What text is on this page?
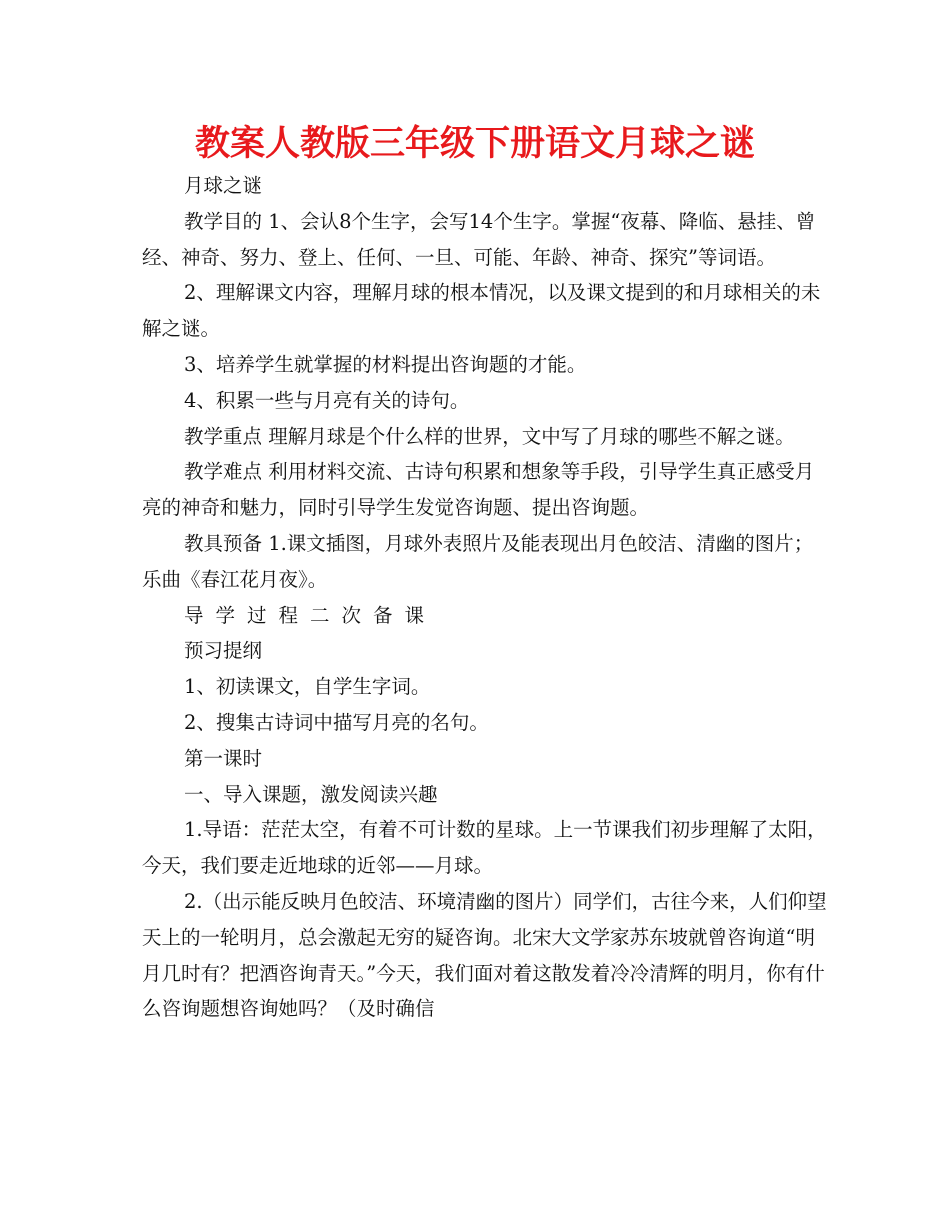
教案人教版三年级下册语文月球之谜

月球之谜

教学目的 1、会认8个生字，会写14个生字。掌握“夜幕、降临、悬挂、曾经、神奇、努力、登上、任何、一旦、可能、年龄、神奇、探究”等词语。

2、理解课文内容，理解月球的根本情况，以及课文提到的和月球相关的未解之谜。

3、培养学生就掌握的材料提出咨询题的才能。

4、积累一些与月亮有关的诗句。

教学重点 理解月球是个什么样的世界，文中写了月球的哪些不解之谜。

教学难点 利用材料交流、古诗句积累和想象等手段，引导学生真正感受月亮的神奇和魅力，同时引导学生发觉咨询题、提出咨询题。

教具预备 1.课文插图，月球外表照片及能表现出月色皎洁、清幽的图片；乐曲《春江花月夜》。

导学过程二次备课

预习提纲

1、初读课文，自学生字词。

2、搜集古诗词中描写月亮的名句。

第一课时

一、导入课题，激发阅读兴趣

1.导语：茫茫太空，有着不可计数的星球。上一节课我们初步理解了太阳，今天，我们要走近地球的近邻——月球。

2.（出示能反映月色皎洁、环境清幽的图片）同学们，古往今来，人们仰望天上的一轮明月，总会激起无穷的疑咨询。北宋大文学家苏东坡就曾咨询道“明月几时有？把酒咨询青天。”今天，我们面对着这散发着冷冷清辉的明月，你有什么咨询题想咨询她吗？（及时确信
